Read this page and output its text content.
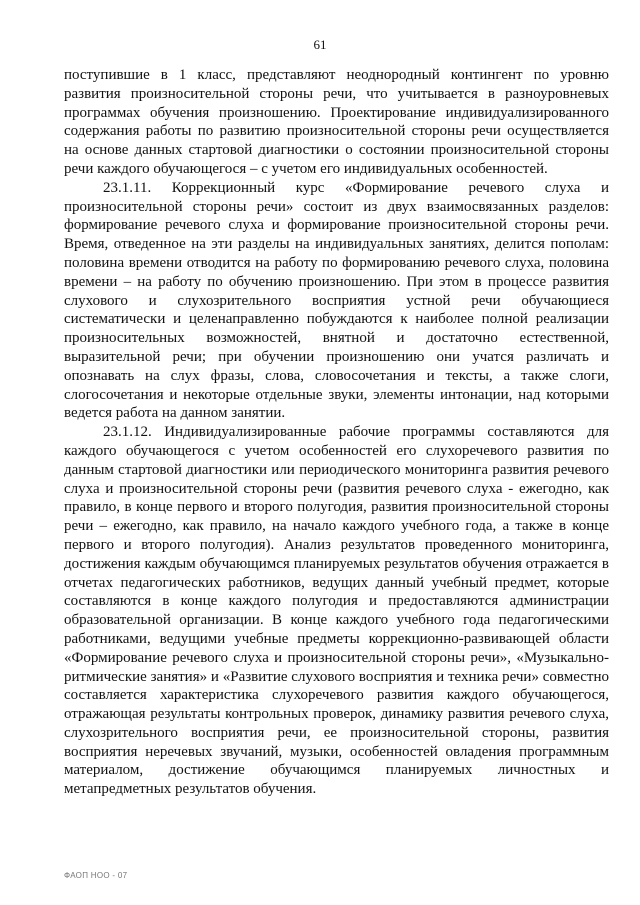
61

поступившие в 1 класс, представляют неоднородный контингент по уровню развития произносительной стороны речи, что учитывается в разноуровневых программах обучения произношению. Проектирование индивидуализированного содержания работы по развитию произносительной стороны речи осуществляется на основе данных стартовой диагностики о состоянии произносительной стороны речи каждого обучающегося – с учетом его индивидуальных особенностей.

23.1.11. Коррекционный курс «Формирование речевого слуха и произносительной стороны речи» состоит из двух взаимосвязанных разделов: формирование речевого слуха и формирование произносительной стороны речи. Время, отведенное на эти разделы на индивидуальных занятиях, делится пополам: половина времени отводится на работу по формированию речевого слуха, половина времени – на работу по обучению произношению. При этом в процессе развития слухового и слухозрительного восприятия устной речи обучающиеся систематически и целенаправленно побуждаются к наиболее полной реализации произносительных возможностей, внятной и достаточно естественной, выразительной речи; при обучении произношению они учатся различать и опознавать на слух фразы, слова, словосочетания и тексты, а также слоги, слогосочетания и некоторые отдельные звуки, элементы интонации, над которыми ведется работа на данном занятии.

23.1.12. Индивидуализированные рабочие программы составляются для каждого обучающегося с учетом особенностей его слухоречевого развития по данным стартовой диагностики или периодического мониторинга развития речевого слуха и произносительной стороны речи (развития речевого слуха - ежегодно, как правило, в конце первого и второго полугодия, развития произносительной стороны речи – ежегодно, как правило, на начало каждого учебного года, а также в конце первого и второго полугодия). Анализ результатов проведенного мониторинга, достижения каждым обучающимся планируемых результатов обучения отражается в отчетах педагогических работников, ведущих данный учебный предмет, которые составляются в конце каждого полугодия и предоставляются администрации образовательной организации. В конце каждого учебного года педагогическими работниками, ведущими учебные предметы коррекционно-развивающей области «Формирование речевого слуха и произносительной стороны речи», «Музыкально-ритмические занятия» и «Развитие слухового восприятия и техника речи» совместно составляется характеристика слухоречевого развития каждого обучающегося, отражающая результаты контрольных проверок, динамику развития речевого слуха, слухозрительного восприятия речи, ее произносительной стороны, развития восприятия неречевых звучаний, музыки, особенностей овладения программным материалом, достижение обучающимся планируемых личностных и метапредметных результатов обучения.

ФАОП НОО - 07
